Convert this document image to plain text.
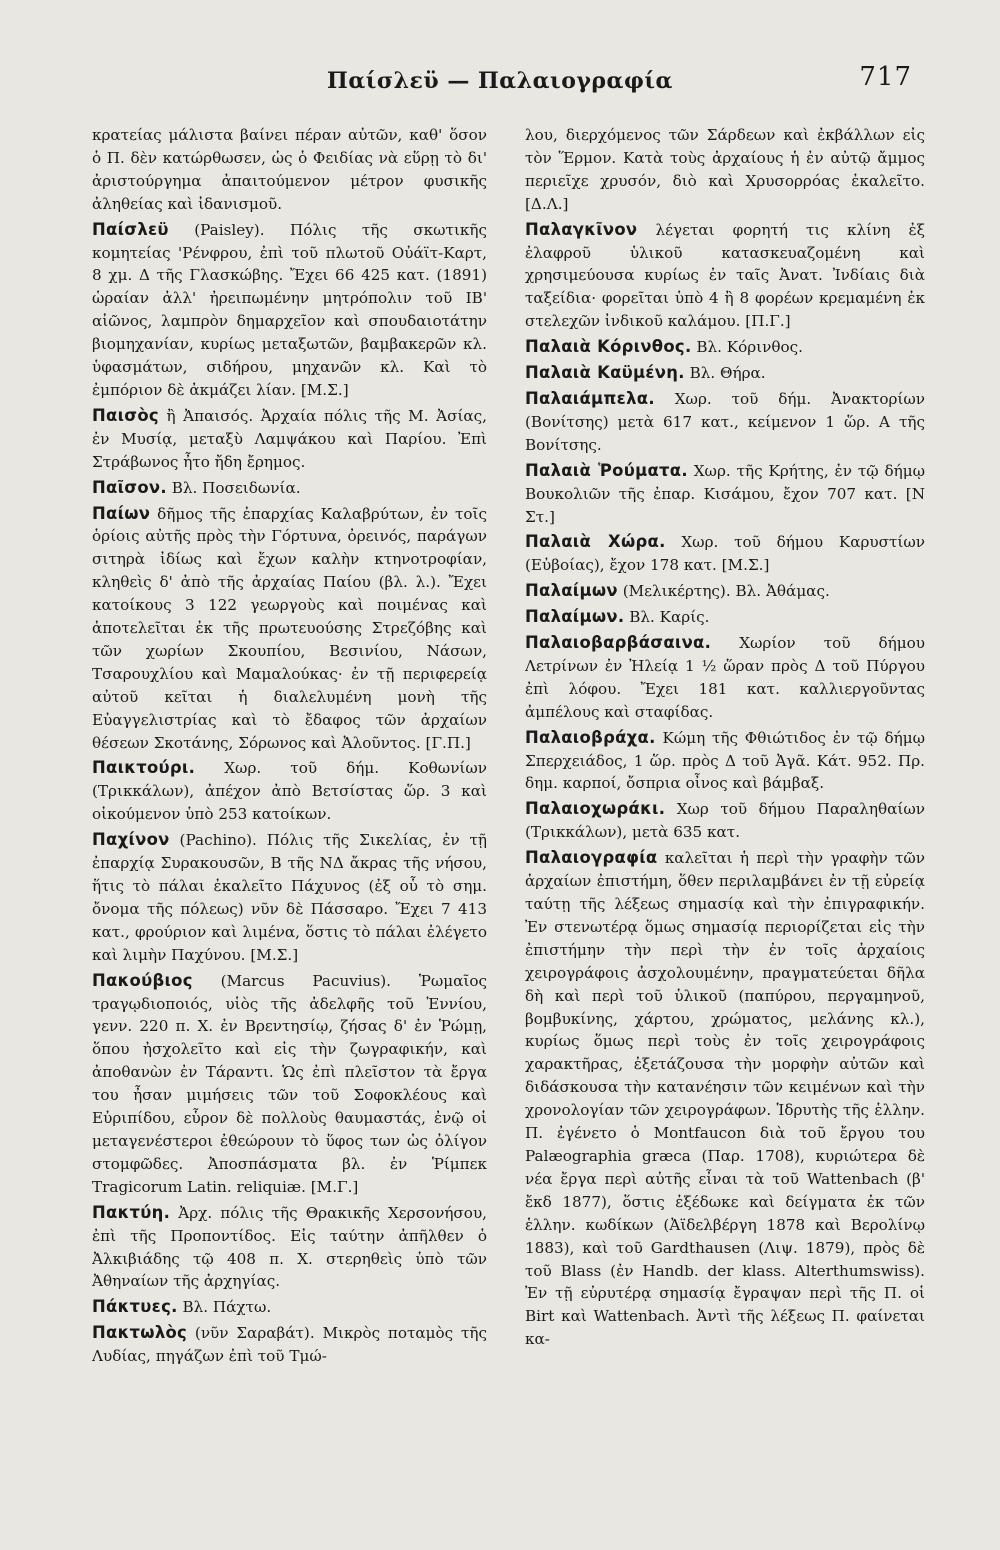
Παίσλεϋ — Παλαιογραφία	717

κρατείας μάλιστα βαίνει πέραν αὐτῶν, καθ' ὅσον ὁ Π. δὲν κατώρθωσεν, ὡς ὁ Φειδίας νὰ εὕρῃ τὸ δι' ἀριστούργημα ἀπαιτούμενον μέτρον φυσικῆς ἀληθείας καὶ ἰδανισμοῦ.

Παίσλεϋ (Paisley). Πόλις τῆς σκωτικῆς κομητείας 'Ρένφρου, ἐπὶ τοῦ πλωτοῦ Οὐάϊτ-Καρτ, 8 χμ. Δ τῆς Γλασκώβης. Ἔχει 66 425 κατ. (1891) ὡραίαν ἀλλ' ἠρειπωμένην μητρόπολιν τοῦ ΙΒ' αἰῶνος, λαμπρὸν δημαρχεῖον καὶ σπουδαιοτάτην βιομηχανίαν, κυρίως μεταξωτῶν, βαμβακερῶν κλ. ὑφασμάτων, σιδήρου, μηχανῶν κλ. Καὶ τὸ ἐμπόριον δὲ ἀκμάζει λίαν. [Μ.Σ.]

Παισὸς ἢ Ἀπαισός. Ἀρχαία πόλις τῆς Μ. Ἀσίας, ἐν Μυσίᾳ, μεταξὺ Λαμψάκου καὶ Παρίου. Ἐπὶ Στράβωνος ἦτο ἤδη ἔρημος.

Παῖσον. Βλ. Ποσειδωνία.

Παίων δῆμος τῆς ἐπαρχίας Καλαβρύτων, ἐν τοῖς ὁρίοις αὐτῆς πρὸς τὴν Γόρτυνα, ὀρεινός, παράγων σιτηρὰ ἰδίως καὶ ἔχων καλὴν κτηνοτροφίαν, κληθεὶς δ' ἀπὸ τῆς ἀρχαίας Παίου (βλ. λ.). Ἔχει κατοίκους 3 122 γεωργοὺς καὶ ποιμένας καὶ ἀποτελεῖται ἐκ τῆς πρωτευούσης Στρεζόβης καὶ τῶν χωρίων Σκουπίου, Βεσινίου, Νάσων, Τσαρουχλίου καὶ Μαμαλούκας· ἐν τῇ περιφερείᾳ αὐτοῦ κεῖται ἡ διαλελυμένη μονὴ τῆς Εὐαγγελιστρίας καὶ τὸ ἔδαφος τῶν ἀρχαίων θέσεων Σκοτάνης, Σόρωνος καὶ Ἀλοῦντος. [Γ.Π.]

Παικτούρι. Χωρ. τοῦ δήμ. Κοθωνίων (Τρικκάλων), ἀπέχον ἀπὸ Βετσίστας ὥρ. 3 καὶ οἰκούμενον ὑπὸ 253 κατοίκων.

Παχίνον (Pachino). Πόλις τῆς Σικελίας, ἐν τῇ ἐπαρχίᾳ Συρακουσῶν, Β τῆς ΝΔ ἄκρας τῆς νήσου, ἥτις τὸ πάλαι ἐκαλεῖτο Πάχυνος (ἐξ οὗ τὸ σημ. ὄνομα τῆς πόλεως) νῦν δὲ Πάσσαρο. Ἔχει 7 413 κατ., φρούριον καὶ λιμένα, ὅστις τὸ πάλαι ἐλέγετο καὶ λιμὴν Παχύνου. [Μ.Σ.]

Πακούβιος (Marcus Pacuvius). Ῥωμαῖος τραγῳδιοποιός, υἱὸς τῆς ἀδελφῆς τοῦ Ἐννίου, γενν. 220 π. Χ. ἐν Βρεντησίῳ, ζήσας δ' ἐν Ῥώμῃ, ὅπου ἠσχολεῖτο καὶ εἰς τὴν ζωγραφικήν, καὶ ἀποθανὼν ἐν Τάραντι. Ὡς ἐπὶ πλεῖστον τὰ ἔργα του ἦσαν μιμήσεις τῶν τοῦ Σοφοκλέους καὶ Εὐριπίδου, εὗρον δὲ πολλοὺς θαυμαστάς, ἐνῷ οἱ μεταγενέστεροι ἐθεώρουν τὸ ὕφος των ὡς ὀλίγον στομφῶδες. Ἀποσπάσματα βλ. ἐν Ῥίμπεκ Tragicorum Latin. reliquiæ. [Μ.Γ.]

Πακτύη. Ἀρχ. πόλις τῆς Θρακικῆς Χερσονήσου, ἐπὶ τῆς Προποντίδος. Εἰς ταύτην ἀπῆλθεν ὁ Ἀλκιβιάδης τῷ 408 π. Χ. στερηθεὶς ὑπὸ τῶν Ἀθηναίων τῆς ἀρχηγίας.

Πάκτυες. Βλ. Πάχτω.

Πακτωλὸς (νῦν Σαραβάτ). Μικρὸς ποταμὸς τῆς Λυδίας, πηγάζων ἐπὶ τοῦ Τμώ-

λου, διερχόμενος τῶν Σάρδεων καὶ ἐκβάλλων εἰς τὸν Ἕρμον. Κατὰ τοὺς ἀρχαίους ἡ ἐν αὐτῷ ἄμμος περιεῖχε χρυσόν, διὸ καὶ Χρυσορρόας ἐκαλεῖτο. [Δ.Λ.]

Παλαγκῖνον λέγεται φορητή τις κλίνη ἐξ ἐλαφροῦ ὑλικοῦ κατασκευαζομένη καὶ χρησιμεύουσα κυρίως ἐν ταῖς Ἀνατ. Ἰνδίαις διὰ ταξείδια· φορεῖται ὑπὸ 4 ἢ 8 φορέων κρεμαμένη ἐκ στελεχῶν ἰνδικοῦ καλάμου. [Π.Γ.]

Παλαιὰ Κόρινθος. Βλ. Κόρινθος.

Παλαιὰ Καϋμένη. Βλ. Θήρα.

Παλαιάμπελα. Χωρ. τοῦ δήμ. Ἀνακτορίων (Βονίτσης) μετὰ 617 κατ., κείμενον 1 ὥρ. Α τῆς Βονίτσης.

Παλαιὰ Ῥούματα. Χωρ. τῆς Κρήτης, ἐν τῷ δήμῳ Βουκολιῶν τῆς ἐπαρ. Κισάμου, ἔχον 707 κατ. [Ν Στ.]

Παλαιὰ Χώρα. Χωρ. τοῦ δήμου Καρυστίων (Εὐβοίας), ἔχον 178 κατ. [Μ.Σ.]

Παλαίμων (Μελικέρτης). Βλ. Ἀθάμας.

Παλαίμων. Βλ. Καρίς.

Παλαιοβαρβάσαινα. Χωρίον τοῦ δήμου Λετρίνων ἐν Ἠλείᾳ 1 ½ ὥραν πρὸς Δ τοῦ Πύργου ἐπὶ λόφου. Ἔχει 181 κατ. καλλιεργοῦντας ἀμπέλους καὶ σταφίδας.

Παλαιοβράχα. Κώμη τῆς Φθιώτιδος ἐν τῷ δήμῳ Σπερχειάδος, 1 ὥρ. πρὸς Δ τοῦ Ἀγᾶ. Κάτ. 952. Πρ. δημ. καρποί, ὄσπρια οἶνος καὶ βάμβαξ.

Παλαιοχωράκι. Χωρ τοῦ δήμου Παραληθαίων (Τρικκάλων), μετὰ 635 κατ.

Παλαιογραφία καλεῖται ἡ περὶ τὴν γραφὴν τῶν ἀρχαίων ἐπιστήμη, ὅθεν περιλαμβάνει ἐν τῇ εὐρείᾳ ταύτῃ τῆς λέξεως σημασίᾳ καὶ τὴν ἐπιγραφικήν. Ἐν στενωτέρᾳ ὅμως σημασίᾳ περιορίζεται εἰς τὴν ἐπιστήμην τὴν περὶ τὴν ἐν τοῖς ἀρχαίοις χειρογράφοις ἀσχολουμένην, πραγματεύεται δῆλα δὴ καὶ περὶ τοῦ ὑλικοῦ (παπύρου, περγαμηνοῦ, βομβυκίνης, χάρτου, χρώματος, μελάνης κλ.), κυρίως ὅμως περὶ τοὺς ἐν τοῖς χειρογράφοις χαρακτῆρας, ἐξετάζουσα τὴν μορφὴν αὐτῶν καὶ διδάσκουσα τὴν κατανέησιν τῶν κειμένων καὶ τὴν χρονολογίαν τῶν χειρογράφων. Ἱδρυτὴς τῆς ἑλλην. Π. ἐγένετο ὁ Montfaucon διὰ τοῦ ἔργου του Palæographia græca (Παρ. 1708), κυριώτερα δὲ νέα ἔργα περὶ αὐτῆς εἶναι τὰ τοῦ Wattenbach (β' ἔκδ 1877), ὅστις ἐξέδωκε καὶ δείγματα ἐκ τῶν ἑλλην. κωδίκων (Ἀϊδελβέργη 1878 καὶ Βερολίνῳ 1883), καὶ τοῦ Gardthausen (Λιψ. 1879), πρὸς δὲ τοῦ Blass (ἐν Handb. der klass. Alterthumswiss). Ἐν τῇ εὐρυτέρᾳ σημασίᾳ ἔγραψαν περὶ τῆς Π. οἱ Birt καὶ Wattenbach. Ἀντὶ τῆς λέξεως Π. φαίνεται κα-
